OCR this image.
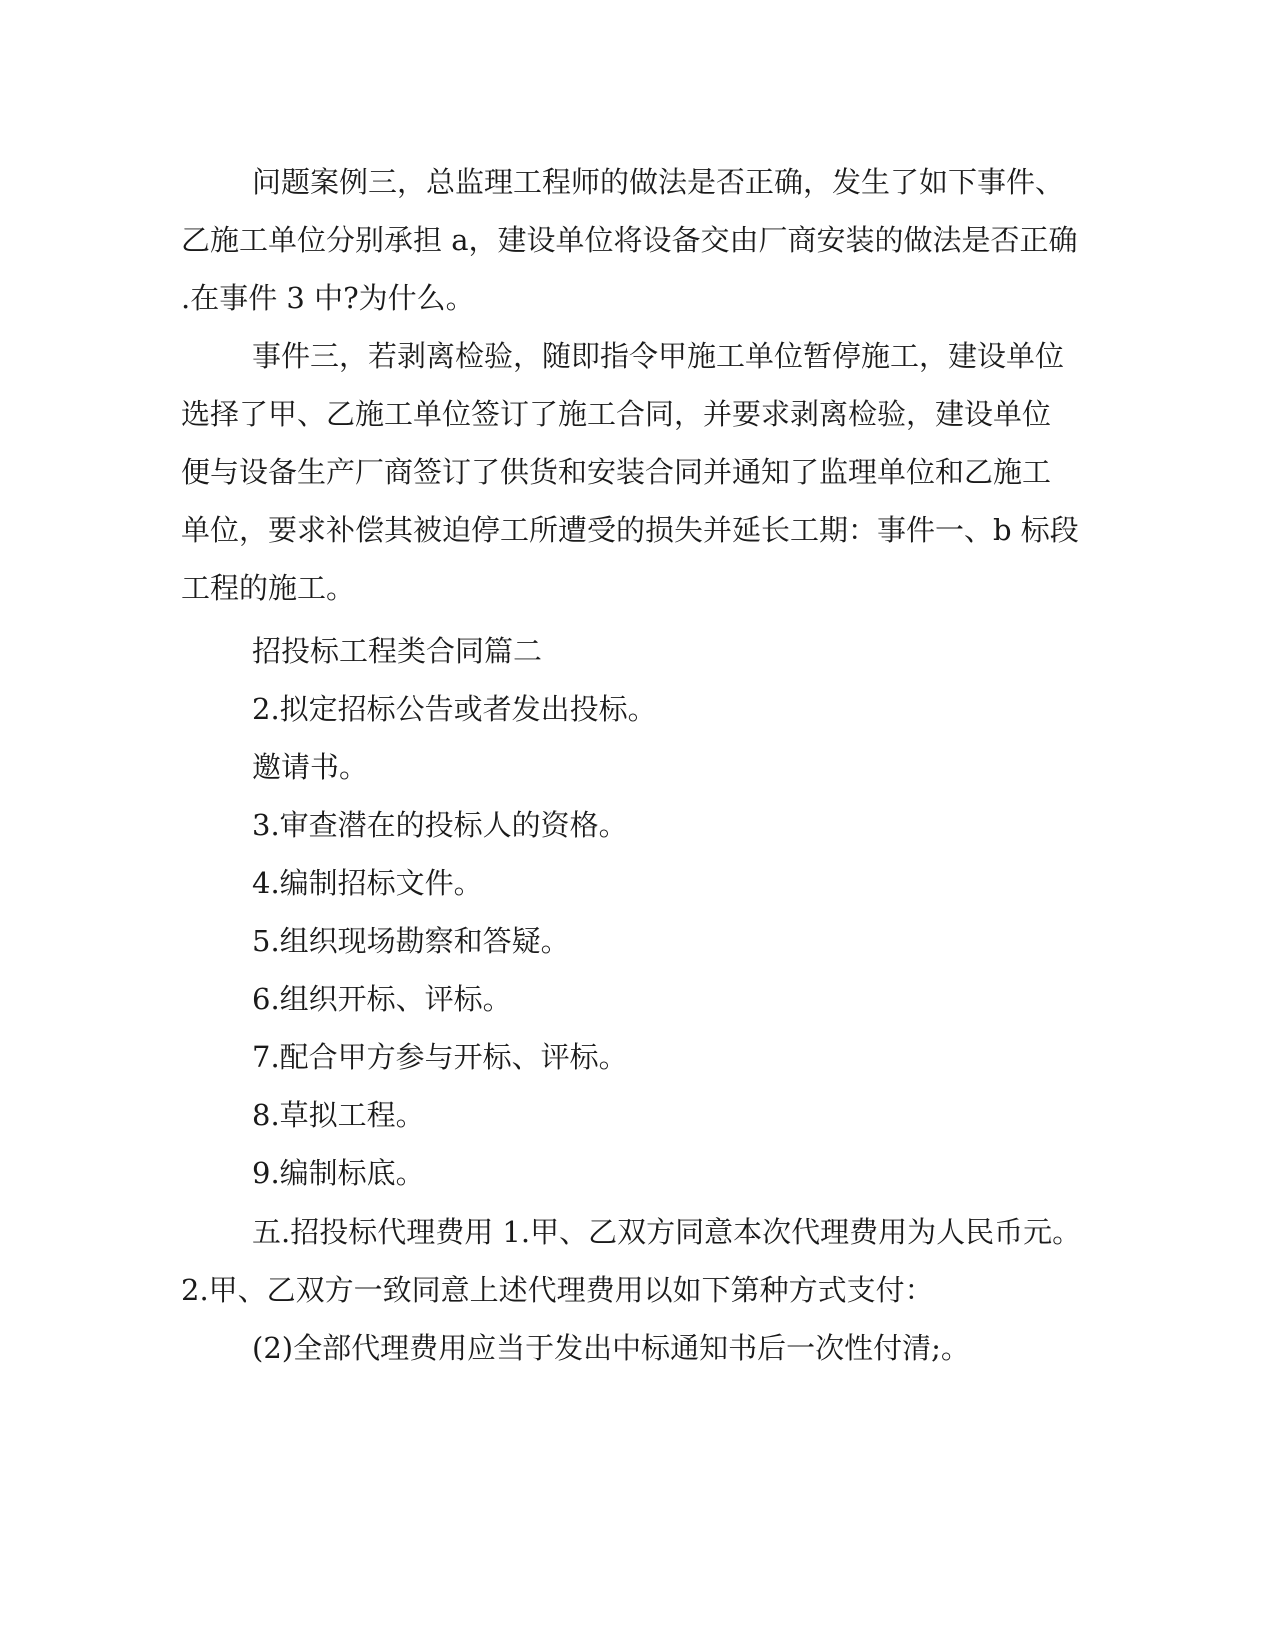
问题案例三，总监理工程师的做法是否正确，发生了如下事件、
乙施工单位分别承担 a，建设单位将设备交由厂商安装的做法是否正确
.在事件 3 中?为什么。
事件三，若剥离检验，随即指令甲施工单位暂停施工，建设单位
选择了甲、乙施工单位签订了施工合同，并要求剥离检验，建设单位
便与设备生产厂商签订了供货和安装合同并通知了监理单位和乙施工
单位，要求补偿其被迫停工所遭受的损失并延长工期：事件一、b 标段
工程的施工。
招投标工程类合同篇二
2.拟定招标公告或者发出投标。
邀请书。
3.审查潜在的投标人的资格。
4.编制招标文件。
5.组织现场勘察和答疑。
6.组织开标、评标。
7.配合甲方参与开标、评标。
8.草拟工程。
9.编制标底。
五.招投标代理费用 1.甲、乙双方同意本次代理费用为人民币元。
2.甲、乙双方一致同意上述代理费用以如下第种方式支付：
(2)全部代理费用应当于发出中标通知书后一次性付清;。
